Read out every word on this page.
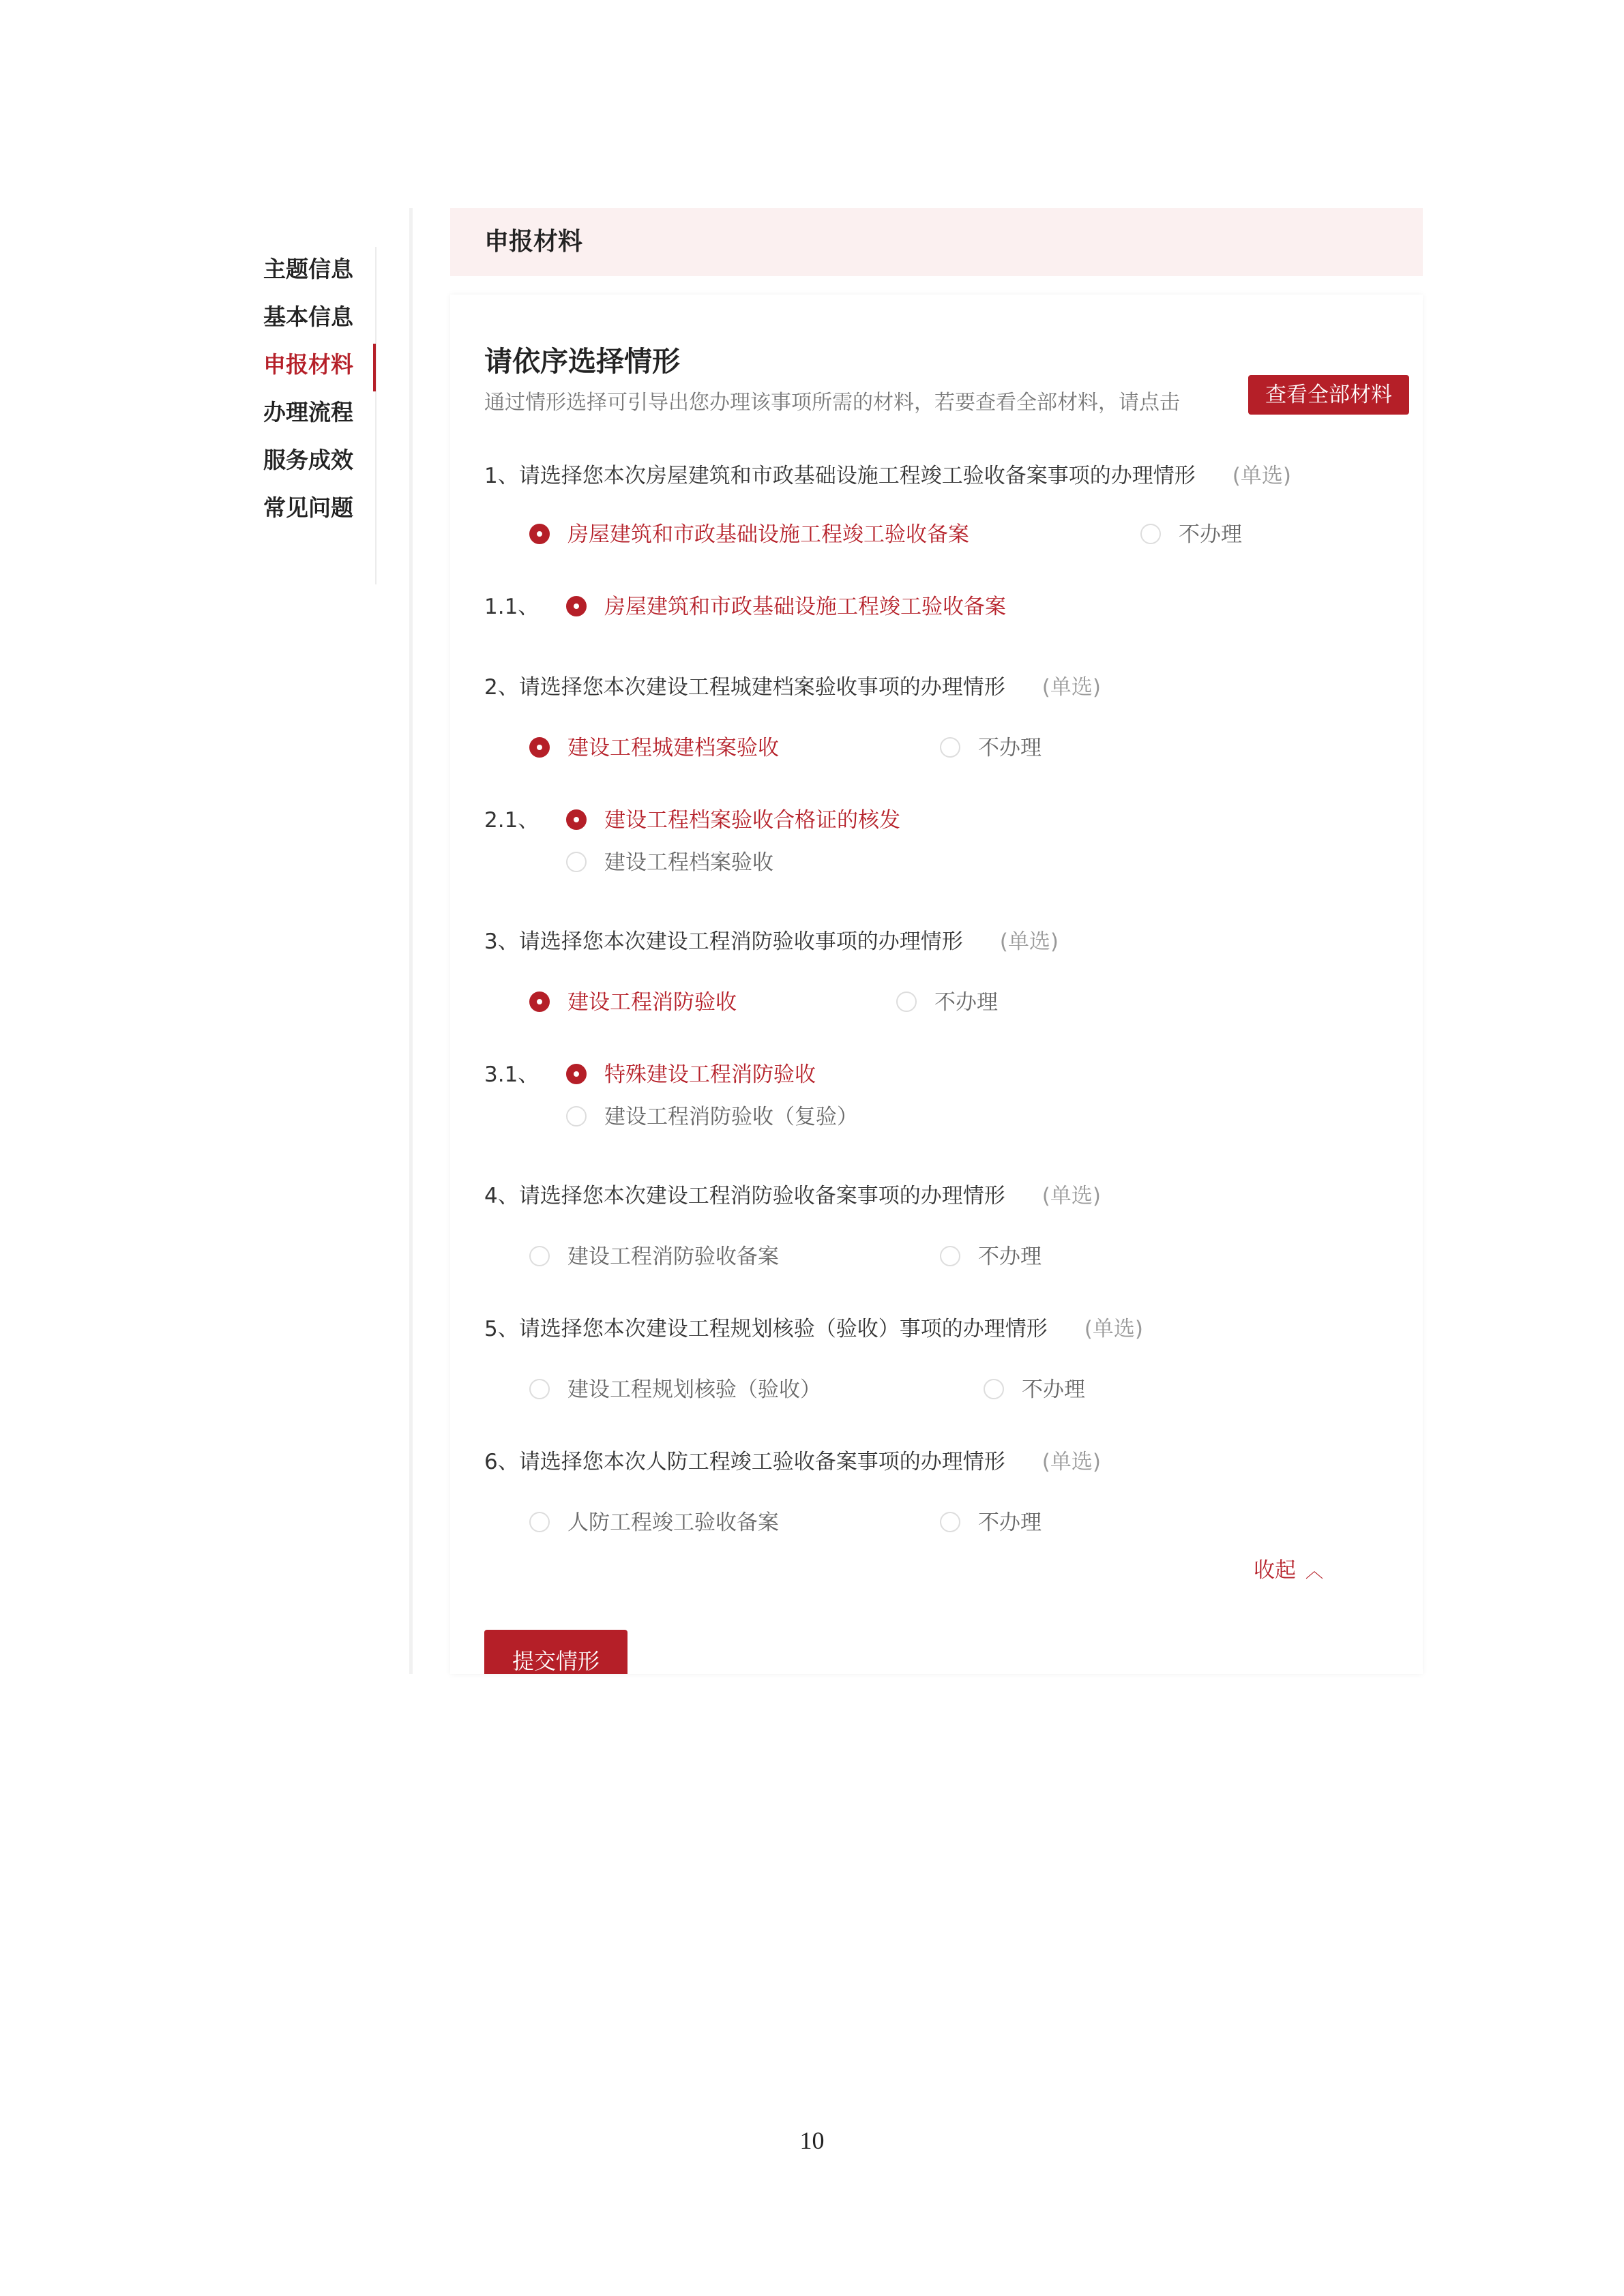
主题信息
基本信息
申报材料
办理流程
服务成效
常见问题
申报材料
请依序选择情形
通过情形选择可引导出您办理该事项所需的材料，若要查看全部材料，请点击	查看全部材料
1、请选择您本次房屋建筑和市政基础设施工程竣工验收备案事项的办理情形 (单选)
房屋建筑和市政基础设施工程竣工验收备案	不办理
1.1、	房屋建筑和市政基础设施工程竣工验收备案
2、请选择您本次建设工程城建档案验收事项的办理情形 (单选)
建设工程城建档案验收	不办理
2.1、	建设工程档案验收合格证的核发
建设工程档案验收
3、请选择您本次建设工程消防验收事项的办理情形 (单选)
建设工程消防验收	不办理
3.1、	特殊建设工程消防验收
建设工程消防验收（复验）
4、请选择您本次建设工程消防验收备案事项的办理情形 (单选)
建设工程消防验收备案	不办理
5、请选择您本次建设工程规划核验（验收）事项的办理情形 (单选)
建设工程规划核验（验收）	不办理
6、请选择您本次人防工程竣工验收备案事项的办理情形 (单选)
人防工程竣工验收备案	不办理
收起 ︿
提交情形
10
